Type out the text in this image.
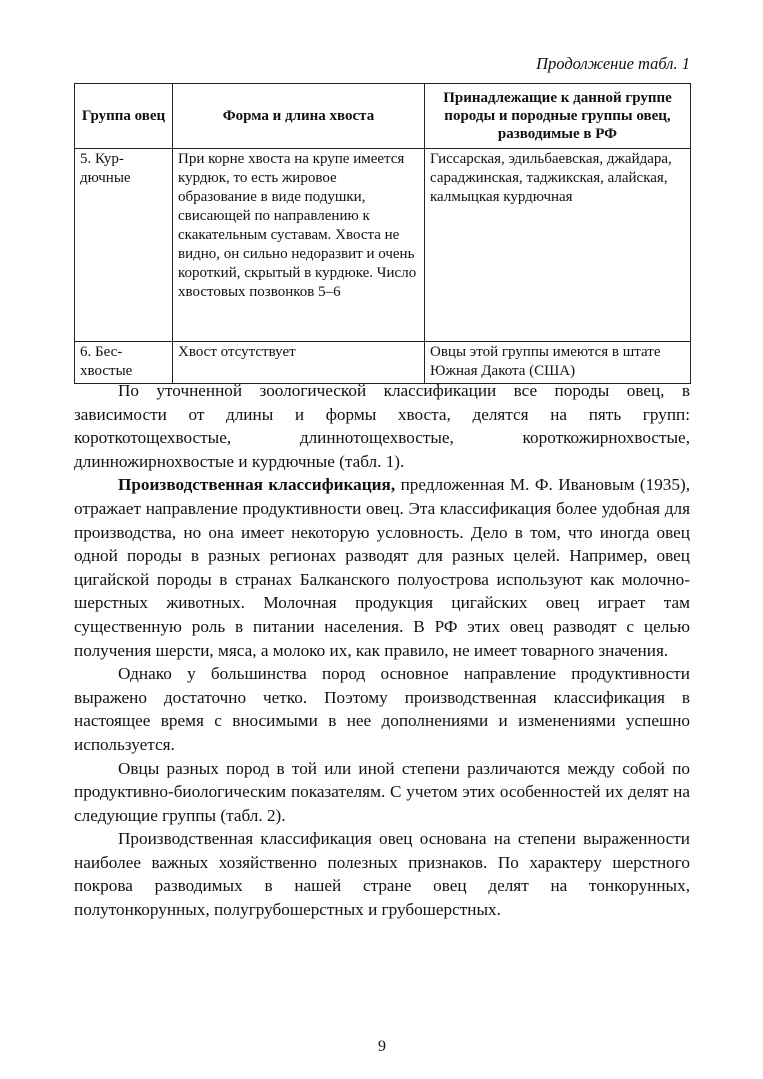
Продолжение табл. 1
Группа овец	Форма и длина хвоста	Принадлежащие к данной группе породы и породные группы овец, разводимые в РФ
5. Кур-дючные	При корне хвоста на крупе имеется курдюк, то есть жировое образование в виде подушки, свисающей по направлению к скакательным суставам. Хвоста не видно, он сильно недоразвит и очень короткий, скрытый в курдюке. Число хвостовых позвонков 5–6	Гиссарская, эдильбаевская, джайдара, сараджинская, таджикская, алайская, калмыцкая курдючная
6. Бес-хвостые	Хвост отсутствует	Овцы этой группы имеются в штате Южная Дакота (США)

По уточненной зоологической классификации все породы овец, в зависимости от длины и формы хвоста, делятся на пять групп: короткотощехвостые, длиннотощехвостые, короткожирнохвостые, длинножирнохвостые и курдючные (табл. 1).

Производственная классификация, предложенная М. Ф. Ивановым (1935), отражает направление продуктивности овец. Эта классификация более удобная для производства, но она имеет некоторую условность. Дело в том, что иногда овец одной породы в разных регионах разводят для разных целей. Например, овец цигайской породы в странах Балканского полуострова используют как молочно-шерстных животных. Молочная продукция цигайских овец играет там существенную роль в питании населения. В РФ этих овец разводят с целью получения шерсти, мяса, а молоко их, как правило, не имеет товарного значения.

Однако у большинства пород основное направление продуктивности выражено достаточно четко. Поэтому производственная классификация в настоящее время с вносимыми в нее дополнениями и изменениями успешно используется.

Овцы разных пород в той или иной степени различаются между собой по продуктивно-биологическим показателям. С учетом этих особенностей их делят на следующие группы (табл. 2).

Производственная классификация овец основана на степени выраженности наиболее важных хозяйственно полезных признаков. По характеру шерстного покрова разводимых в нашей стране овец делят на тонкорунных, полутонкорунных, полугрубошерстных и грубошерстных.

9
